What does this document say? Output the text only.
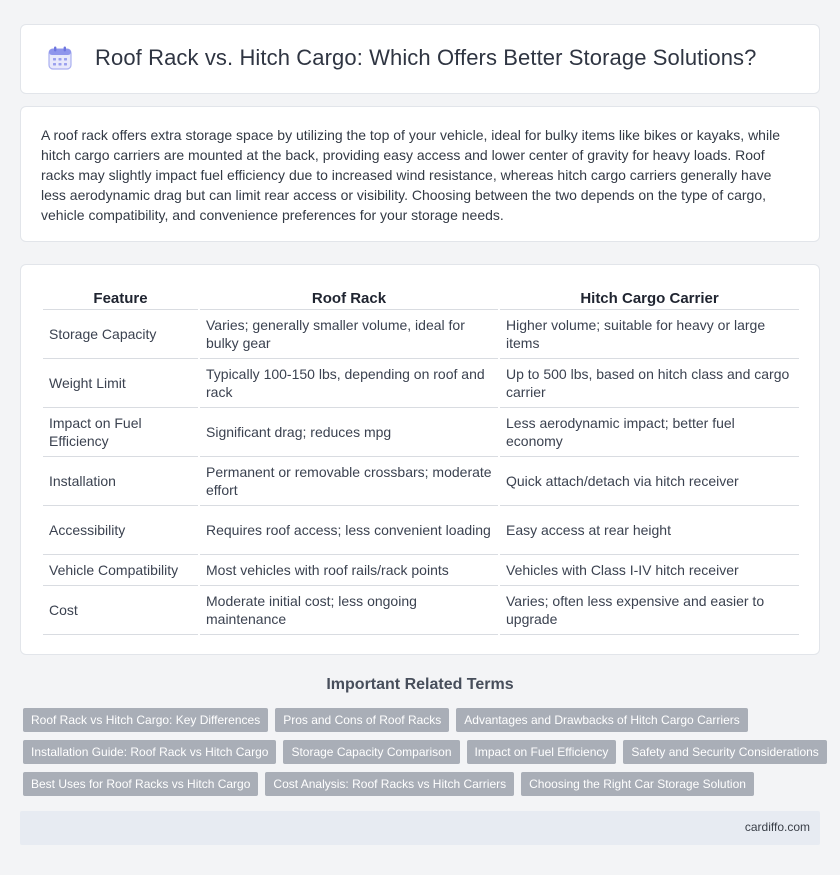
Roof Rack vs. Hitch Cargo: Which Offers Better Storage Solutions?

A roof rack offers extra storage space by utilizing the top of your vehicle, ideal for bulky items like bikes or kayaks, while hitch cargo carriers are mounted at the back, providing easy access and lower center of gravity for heavy loads. Roof racks may slightly impact fuel efficiency due to increased wind resistance, whereas hitch cargo carriers generally have less aerodynamic drag but can limit rear access or visibility. Choosing between the two depends on the type of cargo, vehicle compatibility, and convenience preferences for your storage needs.

Feature	Roof Rack	Hitch Cargo Carrier
Storage Capacity	Varies; generally smaller volume, ideal for bulky gear	Higher volume; suitable for heavy or large items
Weight Limit	Typically 100-150 lbs, depending on roof and rack	Up to 500 lbs, based on hitch class and cargo carrier
Impact on Fuel Efficiency	Significant drag; reduces mpg	Less aerodynamic impact; better fuel economy
Installation	Permanent or removable crossbars; moderate effort	Quick attach/detach via hitch receiver
Accessibility	Requires roof access; less convenient loading	Easy access at rear height
Vehicle Compatibility	Most vehicles with roof rails/rack points	Vehicles with Class I-IV hitch receiver
Cost	Moderate initial cost; less ongoing maintenance	Varies; often less expensive and easier to upgrade
Important Related Terms
Roof Rack vs Hitch Cargo: Key Differences	Pros and Cons of Roof Racks	Advantages and Drawbacks of Hitch Cargo Carriers
Installation Guide: Roof Rack vs Hitch Cargo	Storage Capacity Comparison	Impact on Fuel Efficiency	Safety and Security Considerations
Best Uses for Roof Racks vs Hitch Cargo	Cost Analysis: Roof Racks vs Hitch Carriers	Choosing the Right Car Storage Solution
cardiffo.com
